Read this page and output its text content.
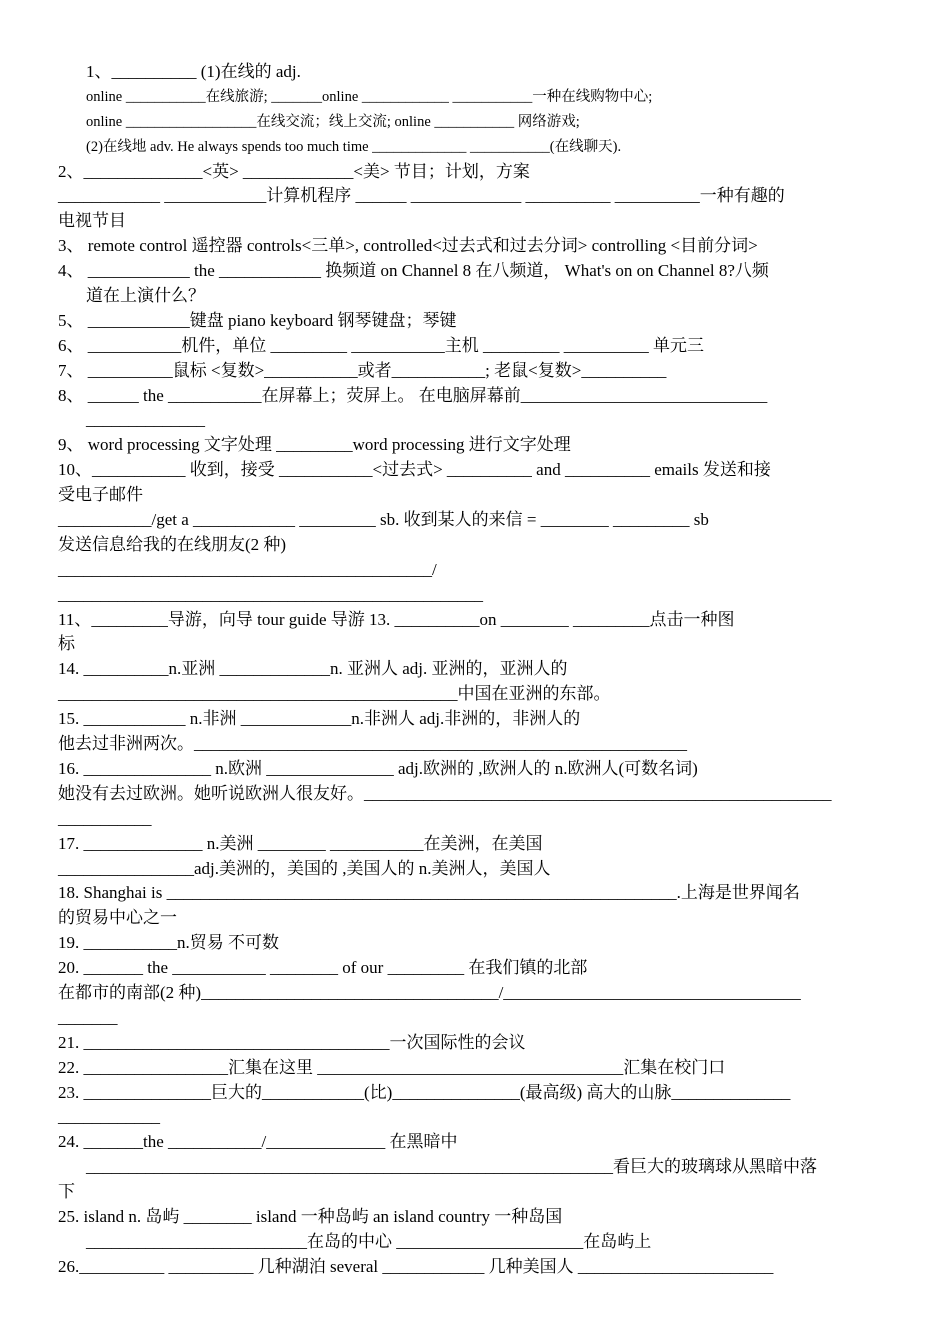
1、__________ (1)在线的 adj.
online ___________在线旅游; _______online ____________ ___________一种在线购物中心;
online __________________在线交流；线上交流; online ___________ 网络游戏;
(2)在线地 adv. He always spends too much time _____________ ___________(在线聊天).
2、______________<英> _____________<美> 节目；计划，方案
____________ ____________计算机程序 ______ _____________ __________ __________一种有趣的
电视节目
3、 remote control 遥控器 controls<三单>, controlled<过去式和过去分词> controlling <目前分词>
4、 ____________ the ____________ 换频道 on Channel 8 在八频道， What's on on Channel 8?八频
道在上演什么？
5、 ____________键盘 piano keyboard 钢琴键盘；琴键
6、 ___________机件，单位 _________ ___________主机 _________ __________ 单元三
7、 __________鼠标 <复数>___________或者___________; 老鼠<复数>__________
8、 ______ the ___________在屏幕上；荧屏上。 在电脑屏幕前_____________________________
______________
9、 word processing 文字处理 _________word processing 进行文字处理
10、___________ 收到，接受 ___________<过去式> __________ and __________ emails 发送和接
受电子邮件
___________/get a ____________ _________ sb. 收到某人的来信 = ________ _________ sb
发送信息给我的在线朋友(2 种)
____________________________________________/
__________________________________________________
11、_________导游，向导 tour guide 导游 13. __________on ________ _________点击一种图
标
14. __________n.亚洲 _____________n. 亚洲人 adj. 亚洲的，亚洲人的
_______________________________________________中国在亚洲的东部。
15. ____________ n.非洲 _____________n.非洲人 adj.非洲的，非洲人的
他去过非洲两次。__________________________________________________________
16. _______________ n.欧洲 _______________ adj.欧洲的 ,欧洲人的 n.欧洲人(可数名词)
她没有去过欧洲。她听说欧洲人很友好。_______________________________________________________
___________
17. ______________ n.美洲 ________ ___________在美洲，在美国
________________adj.美洲的，美国的 ,美国人的 n.美洲人，美国人
18. Shanghai is ____________________________________________________________.上海是世界闻名
的贸易中心之一
19. ___________n.贸易 不可数
20. _______ the ___________ ________ of our _________ 在我们镇的北部
在都市的南部(2 种)___________________________________/___________________________________
_______
21. ____________________________________一次国际性的会议
22. _________________汇集在这里 ____________________________________汇集在校门口
23. _______________巨大的____________(比)_______________(最高级) 高大的山脉______________
____________
24. _______the ___________/______________ 在黑暗中
______________________________________________________________看巨大的玻璃球从黑暗中落
下
25. island n. 岛屿 ________ island 一种岛屿 an island country 一种岛国
__________________________在岛的中心 ______________________在岛屿上
26.__________ __________ 几种湖泊 several ____________ 几种美国人 _______________________
